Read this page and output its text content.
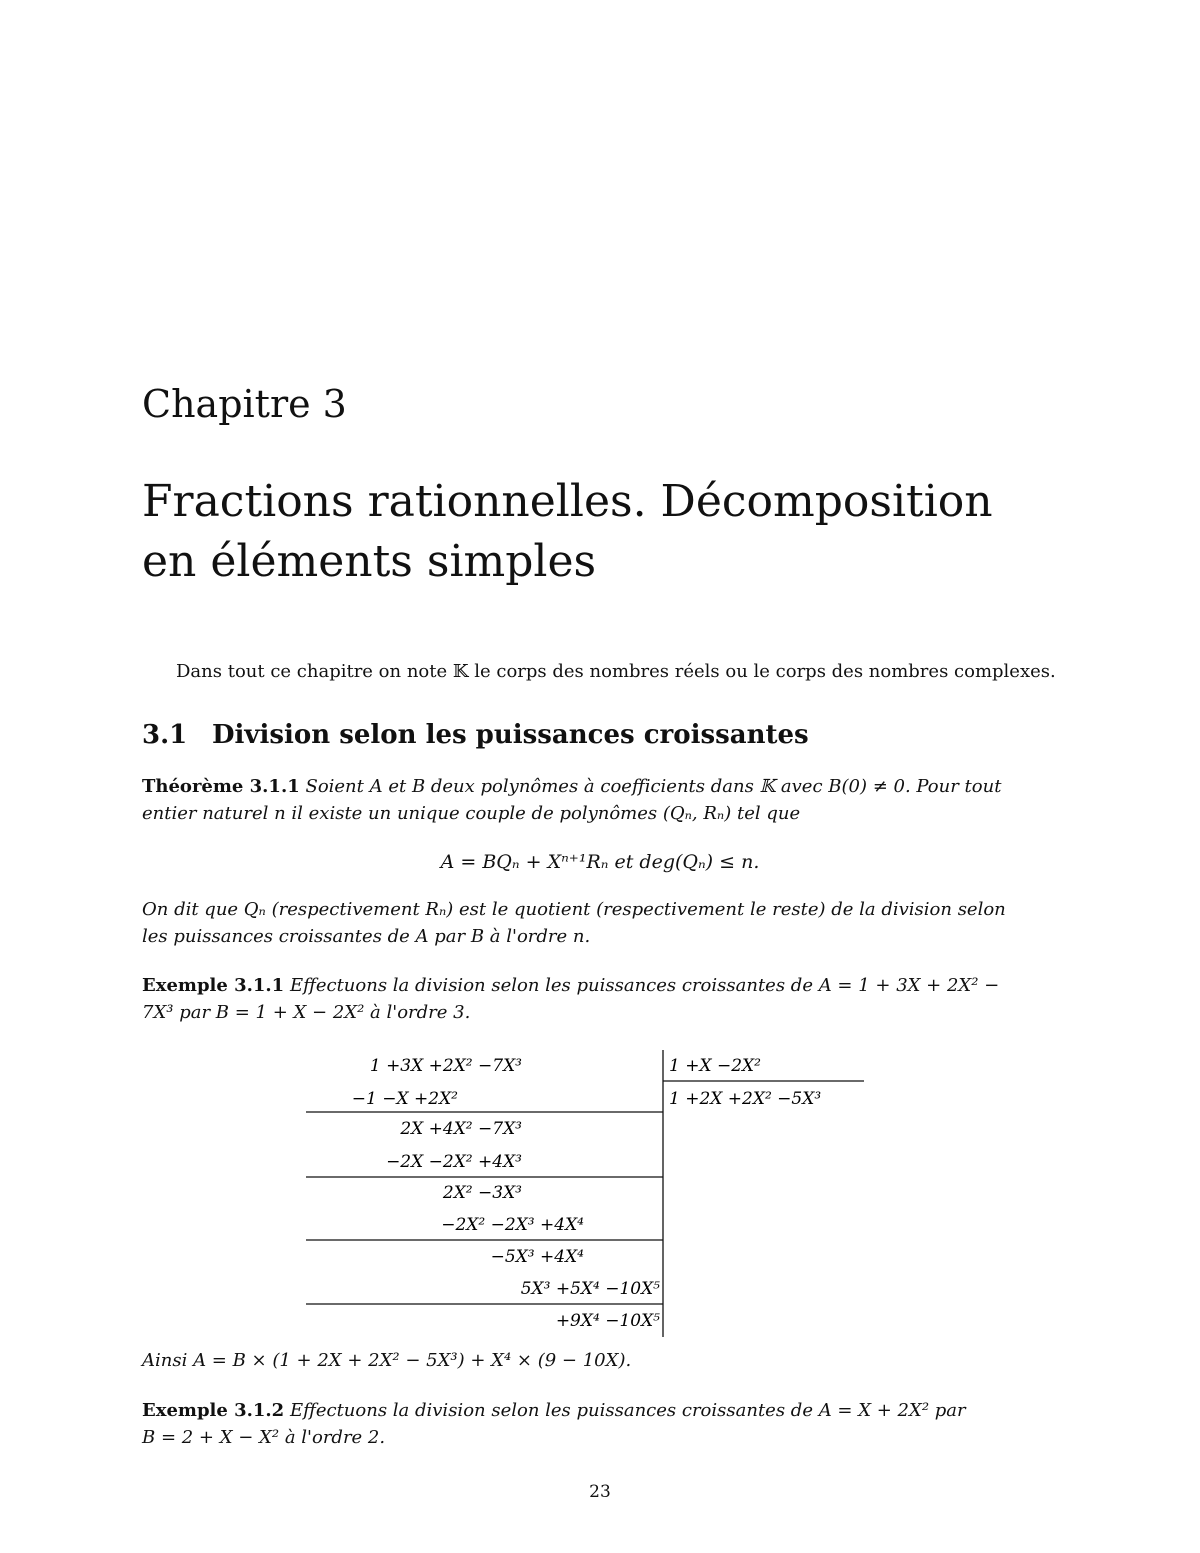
Chapitre 3
Fractions rationnelles. Décomposition
en éléments simples
Dans tout ce chapitre on note 𝕂 le corps des nombres réels ou le corps des nombres complexes.
3.1 Division selon les puissances croissantes
Théorème 3.1.1 Soient A et B deux polynômes à coefficients dans 𝕂 avec B(0) ≠ 0. Pour tout
entier naturel n il existe un unique couple de polynômes (Qₙ, Rₙ) tel que
A = BQₙ + Xⁿ⁺¹Rₙ et deg(Qₙ) ≤ n.
On dit que Qₙ (respectivement Rₙ) est le quotient (respectivement le reste) de la division selon
les puissances croissantes de A par B à l'ordre n.
Exemple 3.1.1 Effectuons la division selon les puissances croissantes de A = 1 + 3X + 2X² −
7X³ par B = 1 + X − 2X² à l'ordre 3.
1 +3X +2X² −7X³
−1 −X +2X²
2X +4X² −7X³
−2X −2X² +4X³
2X² −3X³
−2X² −2X³ +4X⁴
−5X³ +4X⁴
5X³ +5X⁴ −10X⁵
+9X⁴ −10X⁵
1 +X −2X²
1 +2X +2X² −5X³
Ainsi A = B × (1 + 2X + 2X² − 5X³) + X⁴ × (9 − 10X).
Exemple 3.1.2 Effectuons la division selon les puissances croissantes de A = X + 2X² par
B = 2 + X − X² à l'ordre 2.
23
